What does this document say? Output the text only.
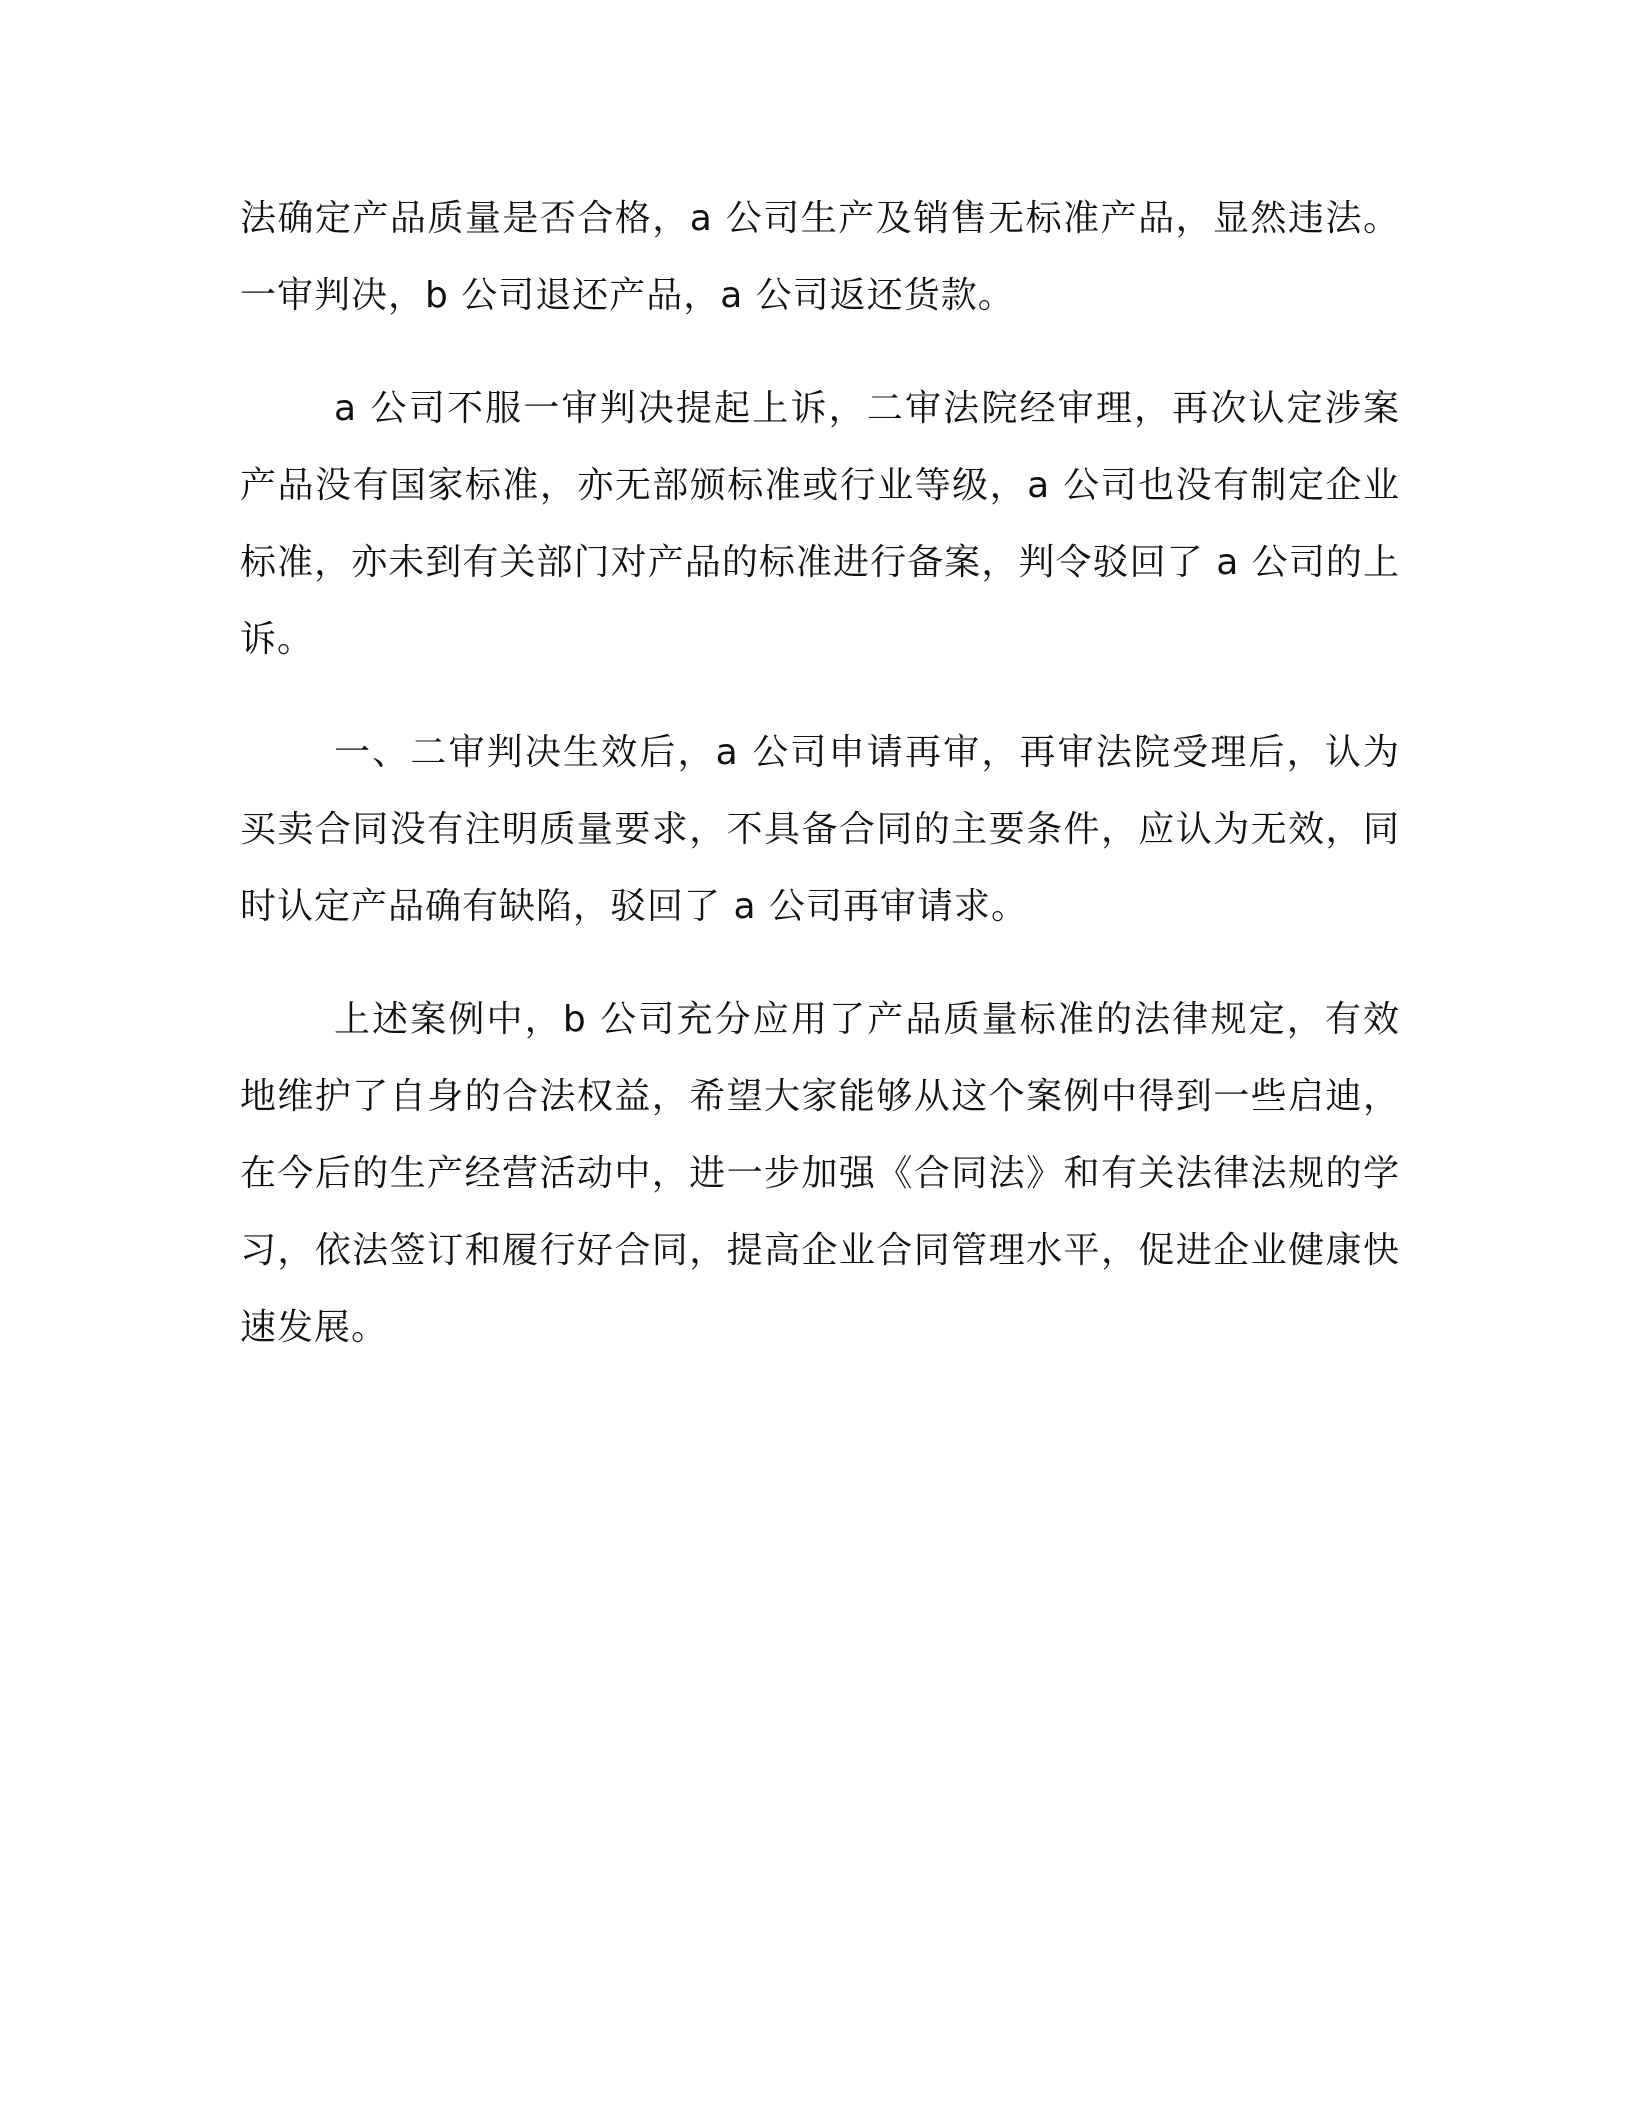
法确定产品质量是否合格，a 公司生产及销售无标准产品，显然违法。一审判决，b 公司退还产品，a 公司返还货款。

a 公司不服一审判决提起上诉，二审法院经审理，再次认定涉案产品没有国家标准，亦无部颁标准或行业等级，a 公司也没有制定企业标准，亦未到有关部门对产品的标准进行备案，判令驳回了 a 公司的上诉。

一、二审判决生效后，a 公司申请再审，再审法院受理后，认为买卖合同没有注明质量要求，不具备合同的主要条件，应认为无效，同时认定产品确有缺陷，驳回了 a 公司再审请求。

上述案例中，b 公司充分应用了产品质量标准的法律规定，有效地维护了自身的合法权益，希望大家能够从这个案例中得到一些启迪，在今后的生产经营活动中，进一步加强《合同法》和有关法律法规的学习，依法签订和履行好合同，提高企业合同管理水平，促进企业健康快速发展。
